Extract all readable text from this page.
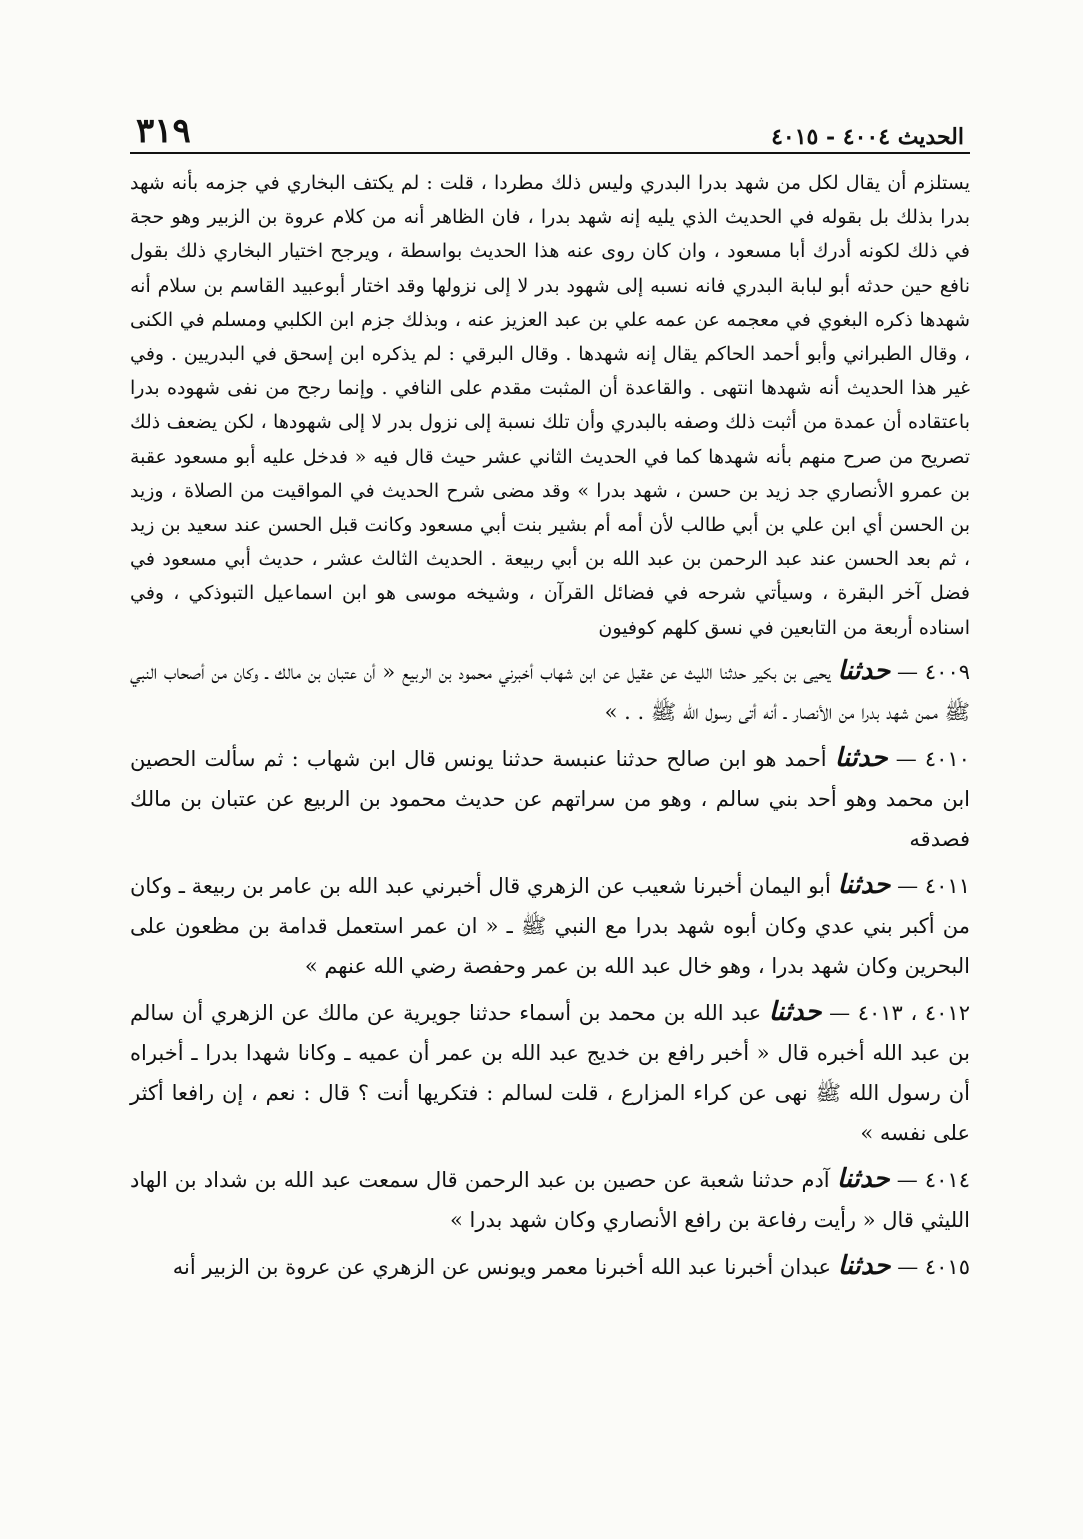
الحديث ٤٠٠٤ - ٤٠١٥
٣١٩

يستلزم أن يقال لكل من شهد بدرا البدري وليس ذلك مطردا ، قلت : لم يكتف البخاري في جزمه بأنه شهد بدرا بذلك بل بقوله في الحديث الذي يليه إنه شهد بدرا ، فان الظاهر أنه من كلام عروة بن الزبير وهو حجة في ذلك لكونه أدرك أبا مسعود ، وان كان روى عنه هذا الحديث بواسطة ، ويرجح اختيار البخاري ذلك بقول نافع حين حدثه أبو لبابة البدري فانه نسبه إلى شهود بدر لا إلى نزولها وقد اختار أبوعبيد القاسم بن سلام أنه شهدها ذكره البغوي في معجمه عن عمه علي بن عبد العزيز عنه ، وبذلك جزم ابن الكلبي ومسلم في الكنى ، وقال الطبراني وأبو أحمد الحاكم يقال إنه شهدها . وقال البرقي : لم يذكره ابن إسحق في البدريين . وفي غير هذا الحديث أنه شهدها انتهى . والقاعدة أن المثبت مقدم على النافي . وإنما رجح من نفى شهوده بدرا باعتقاده أن عمدة من أثبت ذلك وصفه بالبدري وأن تلك نسبة إلى نزول بدر لا إلى شهودها ، لكن يضعف ذلك تصريح من صرح منهم بأنه شهدها كما في الحديث الثاني عشر حيث قال فيه « فدخل عليه أبو مسعود عقبة بن عمرو الأنصاري جد زيد بن حسن ، شهد بدرا » وقد مضى شرح الحديث في المواقيت من الصلاة ، وزيد بن الحسن أي ابن علي بن أبي طالب لأن أمه أم بشير بنت أبي مسعود وكانت قبل الحسن عند سعيد بن زيد ، ثم بعد الحسن عند عبد الرحمن بن عبد الله بن أبي ربيعة . الحديث الثالث عشر ، حديث أبي مسعود في فضل آخر البقرة ، وسيأتي شرحه في فضائل القرآن ، وشيخه موسى هو ابن اسماعيل التبوذكي ، وفي اسناده أربعة من التابعين في نسق كلهم كوفيون

٤٠٠٩ — حدثنا يحيى بن بكير حدثنا الليث عن عقيل عن ابن شهاب أخبرني محمود بن الربيع « أن عتبان بن مالك ـ وكان من أصحاب النبي ﷺ ممن شهد بدرا من الأنصار ـ أنه أتى رسول الله ﷺ . . »
٤٠١٠ — حدثنا أحمد هو ابن صالح حدثنا عنبسة حدثنا يونس قال ابن شهاب : ثم سألت الحصين ابن محمد وهو أحد بني سالم ، وهو من سراتهم عن حديث محمود بن الربيع عن عتبان بن مالك فصدقه
٤٠١١ — حدثنا أبو اليمان أخبرنا شعيب عن الزهري قال أخبرني عبد الله بن عامر بن ربيعة ـ وكان من أكبر بني عدي وكان أبوه شهد بدرا مع النبي ﷺ ـ « ان عمر استعمل قدامة بن مظعون على البحرين وكان شهد بدرا ، وهو خال عبد الله بن عمر وحفصة رضي الله عنهم »
٤٠١٢ ، ٤٠١٣ — حدثنا عبد الله بن محمد بن أسماء حدثنا جويرية عن مالك عن الزهري أن سالم بن عبد الله أخبره قال « أخبر رافع بن خديج عبد الله بن عمر أن عميه ـ وكانا شهدا بدرا ـ أخبراه أن رسول الله ﷺ نهى عن كراء المزارع ، قلت لسالم : فتكريها أنت ؟ قال : نعم ، إن رافعا أكثر على نفسه »
٤٠١٤ — حدثنا آدم حدثنا شعبة عن حصين بن عبد الرحمن قال سمعت عبد الله بن شداد بن الهاد الليثي قال « رأيت رفاعة بن رافع الأنصاري وكان شهد بدرا »
٤٠١٥ — حدثنا عبدان أخبرنا عبد الله أخبرنا معمر ويونس عن الزهري عن عروة بن الزبير أنه
